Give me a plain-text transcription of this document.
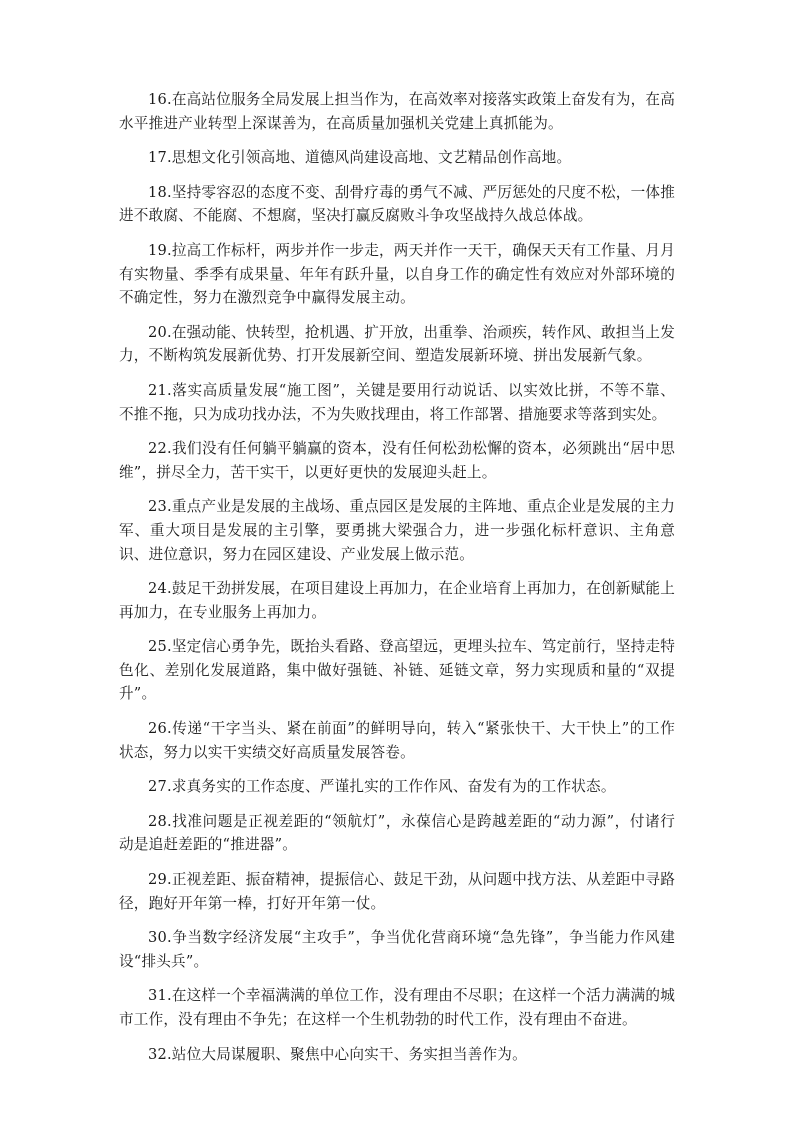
16.在高站位服务全局发展上担当作为，在高效率对接落实政策上奋发有为，在高水平推进产业转型上深谋善为，在高质量加强机关党建上真抓能为。

17.思想文化引领高地、道德风尚建设高地、文艺精品创作高地。

18.坚持零容忍的态度不变、刮骨疗毒的勇气不减、严厉惩处的尺度不松，一体推进不敢腐、不能腐、不想腐，坚决打赢反腐败斗争攻坚战持久战总体战。

19.拉高工作标杆，两步并作一步走，两天并作一天干，确保天天有工作量、月月有实物量、季季有成果量、年年有跃升量，以自身工作的确定性有效应对外部环境的不确定性，努力在激烈竞争中赢得发展主动。

20.在强动能、快转型，抢机遇、扩开放，出重拳、治顽疾，转作风、敢担当上发力，不断构筑发展新优势、打开发展新空间、塑造发展新环境、拼出发展新气象。

21.落实高质量发展“施工图”，关键是要用行动说话、以实效比拼，不等不靠、不推不拖，只为成功找办法，不为失败找理由，将工作部署、措施要求等落到实处。

22.我们没有任何躺平躺赢的资本，没有任何松劲松懈的资本，必须跳出“居中思维”，拼尽全力，苦干实干，以更好更快的发展迎头赶上。

23.重点产业是发展的主战场、重点园区是发展的主阵地、重点企业是发展的主力军、重大项目是发展的主引擎，要勇挑大梁强合力，进一步强化标杆意识、主角意识、进位意识，努力在园区建设、产业发展上做示范。

24.鼓足干劲拼发展，在项目建设上再加力，在企业培育上再加力，在创新赋能上再加力，在专业服务上再加力。

25.坚定信心勇争先，既抬头看路、登高望远，更埋头拉车、笃定前行，坚持走特色化、差别化发展道路，集中做好强链、补链、延链文章，努力实现质和量的“双提升”。

26.传递“干字当头、紧在前面”的鲜明导向，转入“紧张快干、大干快上”的工作状态，努力以实干实绩交好高质量发展答卷。

27.求真务实的工作态度、严谨扎实的工作作风、奋发有为的工作状态。

28.找准问题是正视差距的“领航灯”，永葆信心是跨越差距的“动力源”，付诸行动是追赶差距的“推进器”。

29.正视差距、振奋精神，提振信心、鼓足干劲，从问题中找方法、从差距中寻路径，跑好开年第一棒，打好开年第一仗。

30.争当数字经济发展“主攻手”，争当优化营商环境“急先锋”，争当能力作风建设“排头兵”。

31.在这样一个幸福满满的单位工作，没有理由不尽职；在这样一个活力满满的城市工作，没有理由不争先；在这样一个生机勃勃的时代工作，没有理由不奋进。

32.站位大局谋履职、聚焦中心向实干、务实担当善作为。
